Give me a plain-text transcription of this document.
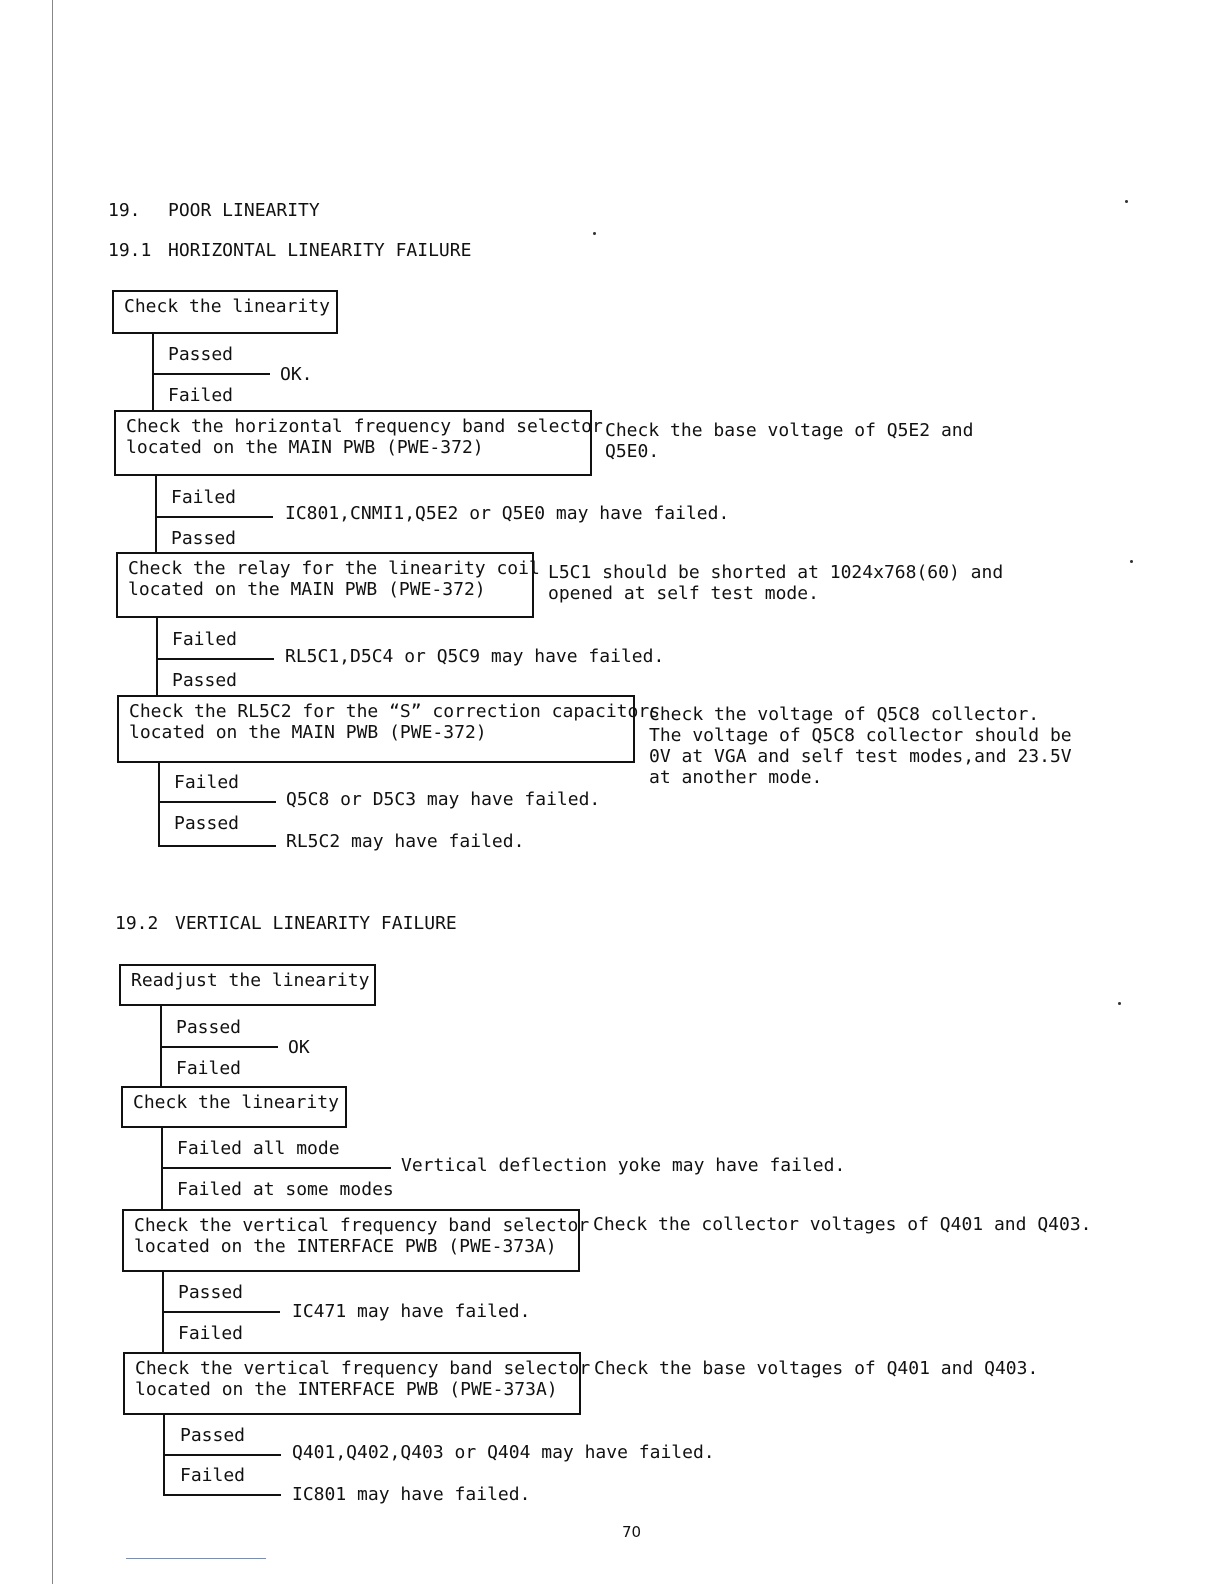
19. POOR LINEARITY
19.1 HORIZONTAL LINEARITY FAILURE
Check the linearity
Passed
OK.
Failed
Check the horizontal frequency band selector
located on the MAIN PWB (PWE-372)
Check the base voltage of Q5E2 and
Q5E0.
Failed
IC801,CNMI1,Q5E2 or Q5E0 may have failed.
Passed
Check the relay for the linearity coil
located on the MAIN PWB (PWE-372)
L5C1 should be shorted at 1024x768(60) and
opened at self test mode.
Failed
RL5C1,D5C4 or Q5C9 may have failed.
Passed
Check the RL5C2 for the “S” correction capacitors
located on the MAIN PWB (PWE-372)
Check the voltage of Q5C8 collector.
The voltage of Q5C8 collector should be
0V at VGA and self test modes,and 23.5V
at another mode.
Failed
Q5C8 or D5C3 may have failed.
Passed
RL5C2 may have failed.
19.2 VERTICAL LINEARITY FAILURE
Readjust the linearity
Passed
OK
Failed
Check the linearity
Failed all mode
Vertical deflection yoke may have failed.
Failed at some modes
Check the vertical frequency band selector
located on the INTERFACE PWB (PWE-373A)
Check the collector voltages of Q401 and Q403.
Passed
IC471 may have failed.
Failed
Check the vertical frequency band selector
located on the INTERFACE PWB (PWE-373A)
Check the base voltages of Q401 and Q403.
Passed
Q401,Q402,Q403 or Q404 may have failed.
Failed
IC801 may have failed.
70
